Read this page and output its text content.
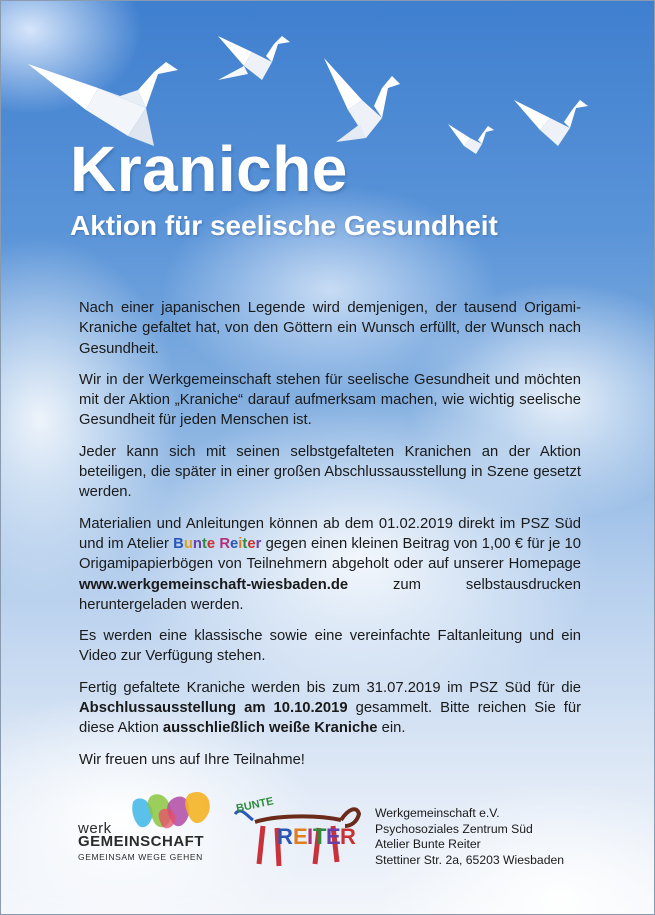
Kraniche
Aktion für seelische Gesundheit

Nach einer japanischen Legende wird demjenigen, der tausend Origami-Kraniche gefaltet hat, von den Göttern ein Wunsch erfüllt, der Wunsch nach Gesundheit.

Wir in der Werkgemeinschaft stehen für seelische Gesundheit und möchten mit der Aktion „Kraniche“ darauf aufmerksam machen, wie wichtig seelische Gesundheit für jeden Menschen ist.

Jeder kann sich mit seinen selbstgefalteten Kranichen an der Aktion beteiligen, die später in einer großen Abschlussausstellung in Szene gesetzt werden.

Materialien und Anleitungen können ab dem 01.02.2019 direkt im PSZ Süd und im Atelier Bunte Reiter gegen einen kleinen Beitrag von 1,00 € für je 10 Origamipapierbögen von Teilnehmern abgeholt oder auf unserer Homepage www.werkgemeinschaft-wiesbaden.de zum selbstausdrucken heruntergeladen werden.

Es werden eine klassische sowie eine vereinfachte Faltanleitung und ein Video zur Verfügung stehen.

Fertig gefaltete Kraniche werden bis zum 31.07.2019 im PSZ Süd für die Abschlussausstellung am 10.10.2019 gesammelt. Bitte reichen Sie für diese Aktion ausschließlich weiße Kraniche ein.

Wir freuen uns auf Ihre Teilnahme!

werk
GEMEINSCHAFT
GEMEINSAM WEGE GEHEN
BUNTE
R E I T E R
Werkgemeinschaft e.V.
Psychosoziales Zentrum Süd
Atelier Bunte Reiter
Stettiner Str. 2a, 65203 Wiesbaden
